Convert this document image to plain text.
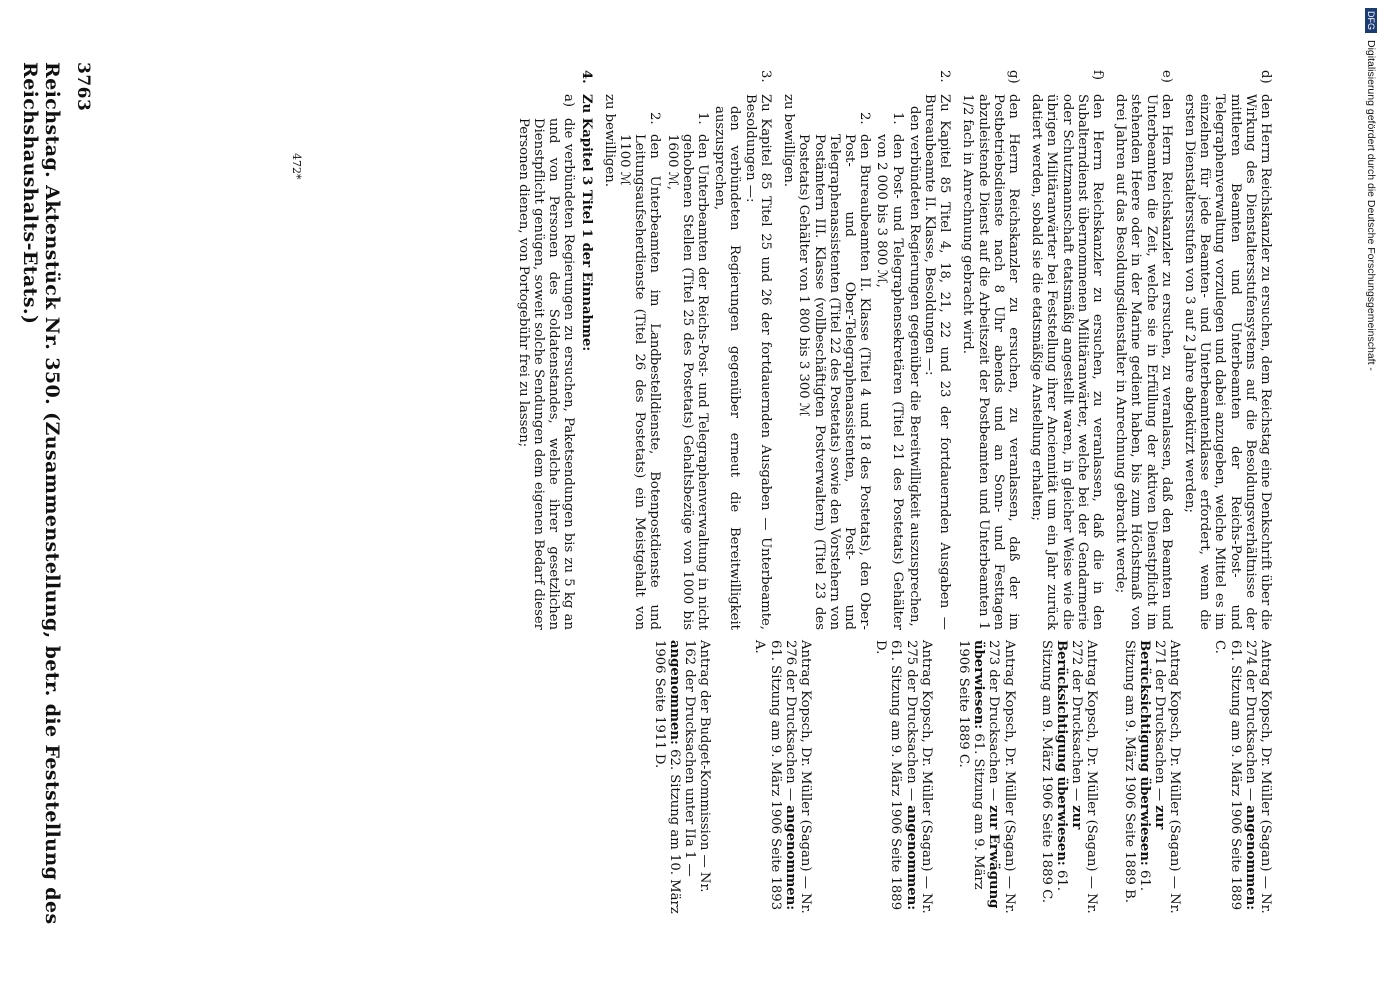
Reichstag. Aktenstück Nr. 350. (Zusammenstellung, betr. die Feststellung des Reichshaushalts-Etats.)	3763
472*
DFG
Digitalisierung gefördert durch die Deutsche Forschungsgemeinschaft -
d)
den Herrn Reichskanzler zu ersuchen, dem Reichstag eine Denkschrift über die Wirkung des Dienstaltersstufensystems auf die Besoldungsverhältnisse der mittleren Beamten und Unterbeamten der Reichs-Post- und Telegraphenverwaltung vorzulegen und dabei anzugeben, welche Mittel es im einzelnen für jede Beamten- und Unterbeamtenklasse erfordert, wenn die ersten Dienstaltersstufen von 3 auf 2 Jahre abgekürzt werden;
e)
den Herrn Reichskanzler zu ersuchen, zu veranlassen, daß den Beamten und Unterbeamten die Zeit, welche sie in Erfüllung der aktiven Dienstpflicht im stehenden Heere oder in der Marine gedient haben, bis zum Höchstmaß von drei Jahren auf das Besoldungsdienstalter in Anrechnung gebracht werde;
f)
den Herrn Reichskanzler zu ersuchen, zu veranlassen, daß die in den Subalterndienst übernommenen Militäranwärter, welche bei der Gendarmerie oder Schutzmannschaft etatsmäßig angestellt waren, in gleicher Weise wie die übrigen Militäranwärter bei Feststellung ihrer Anciennität um ein Jahr zurück datiert werden, sobald sie die etatsmäßige Anstellung erhalten;
g)
den Herrn Reichskanzler zu ersuchen, zu veranlassen, daß der im Postbetriebsdienste nach 8 Uhr abends und an Sonn- und Festtagen abzuleistende Dienst auf die Arbeitszeit der Postbeamten und Unterbeamten 1 1/2 fach in Anrechnung gebracht wird.
2.
Zu Kapitel 85 Titel 4, 18, 21, 22 und 23 der fortdauernden Ausgaben — Bureaubeamte II. Klasse, Besoldungen —:
den verbündeten Regierungen gegenüber die Bereitwilligkeit auszusprechen,
1.
den Post- und Telegraphensekretären (Titel 21 des Postetats) Gehälter von 2 000 bis 3 800 ℳ,
2.
den Bureaubeamten II. Klasse (Titel 4 und 18 des Postetats), den Ober-Post- und Ober-Telegraphenassistenten, Post- und Telegraphenassistenten (Titel 22 des Postetats) sowie den Vorstehern von Postämtern III. Klasse (vollbeschäftigten Postverwaltern) (Titel 23 des Postetats) Gehälter von 1 800 bis 3 300 ℳ
zu bewilligen.
3.
Zu Kapitel 85 Titel 25 und 26 der fortdauernden Ausgaben — Unterbeamte, Besoldungen —:
den verbündeten Regierungen gegenüber erneut die Bereitwilligkeit auszusprechen,
1.
den Unterbeamten der Reichs-Post- und Telegraphenverwaltung in nicht gehobenen Stellen (Titel 25 des Postetats) Gehaltsbezüge von 1000 bis 1600 ℳ,
2.
den Unterbeamten im Landbestelldienste, Botenpostdienste und Leitungsaufseherdienste (Titel 26 des Postetats) ein Meistgehalt von 1100 ℳ
zu bewilligen.
4.
Zu Kapitel 3 Titel 1 der Einnahme:
a)
die verbündeten Regierungen zu ersuchen, Paketsendungen bis zu 5 kg an und von Personen des Soldatenstandes, welche ihrer gesetzlichen Dienstpflicht genügen, soweit solche Sendungen dem eigenen Bedarf dieser Personen dienen, von Portogebühr frei zu lassen;
Antrag Kopsch, Dr. Müller (Sagan) — Nr. 274 der Drucksachen — angenommen: 61. Sitzung am 9. März 1906 Seite 1889 C.
Antrag Kopsch, Dr. Müller (Sagan) — Nr. 271 der Drucksachen — zur Berücksichtigung überwiesen: 61. Sitzung am 9. März 1906 Seite 1889 B.
Antrag Kopsch, Dr. Müller (Sagan) — Nr. 272 der Drucksachen — zur Berücksichtigung überwiesen: 61. Sitzung am 9. März 1906 Seite 1889 C.
Antrag Kopsch, Dr. Müller (Sagan) — Nr. 273 der Drucksachen — zur Erwägung überwiesen: 61. Sitzung am 9. März 1906 Seite 1889 C.
Antrag Kopsch, Dr. Müller (Sagan) — Nr. 275 der Drucksachen — angenommen: 61. Sitzung am 9. März 1906 Seite 1889 D.
Antrag Kopsch, Dr. Müller (Sagan) — Nr. 276 der Drucksachen — angenommen: 61. Sitzung am 9. März 1906 Seite 1893 A.
Antrag der Budget-Kommission — Nr. 162 der Drucksachen unter IIa 1 — angenommen: 62. Sitzung am 10. März 1906 Seite 1911 D.
